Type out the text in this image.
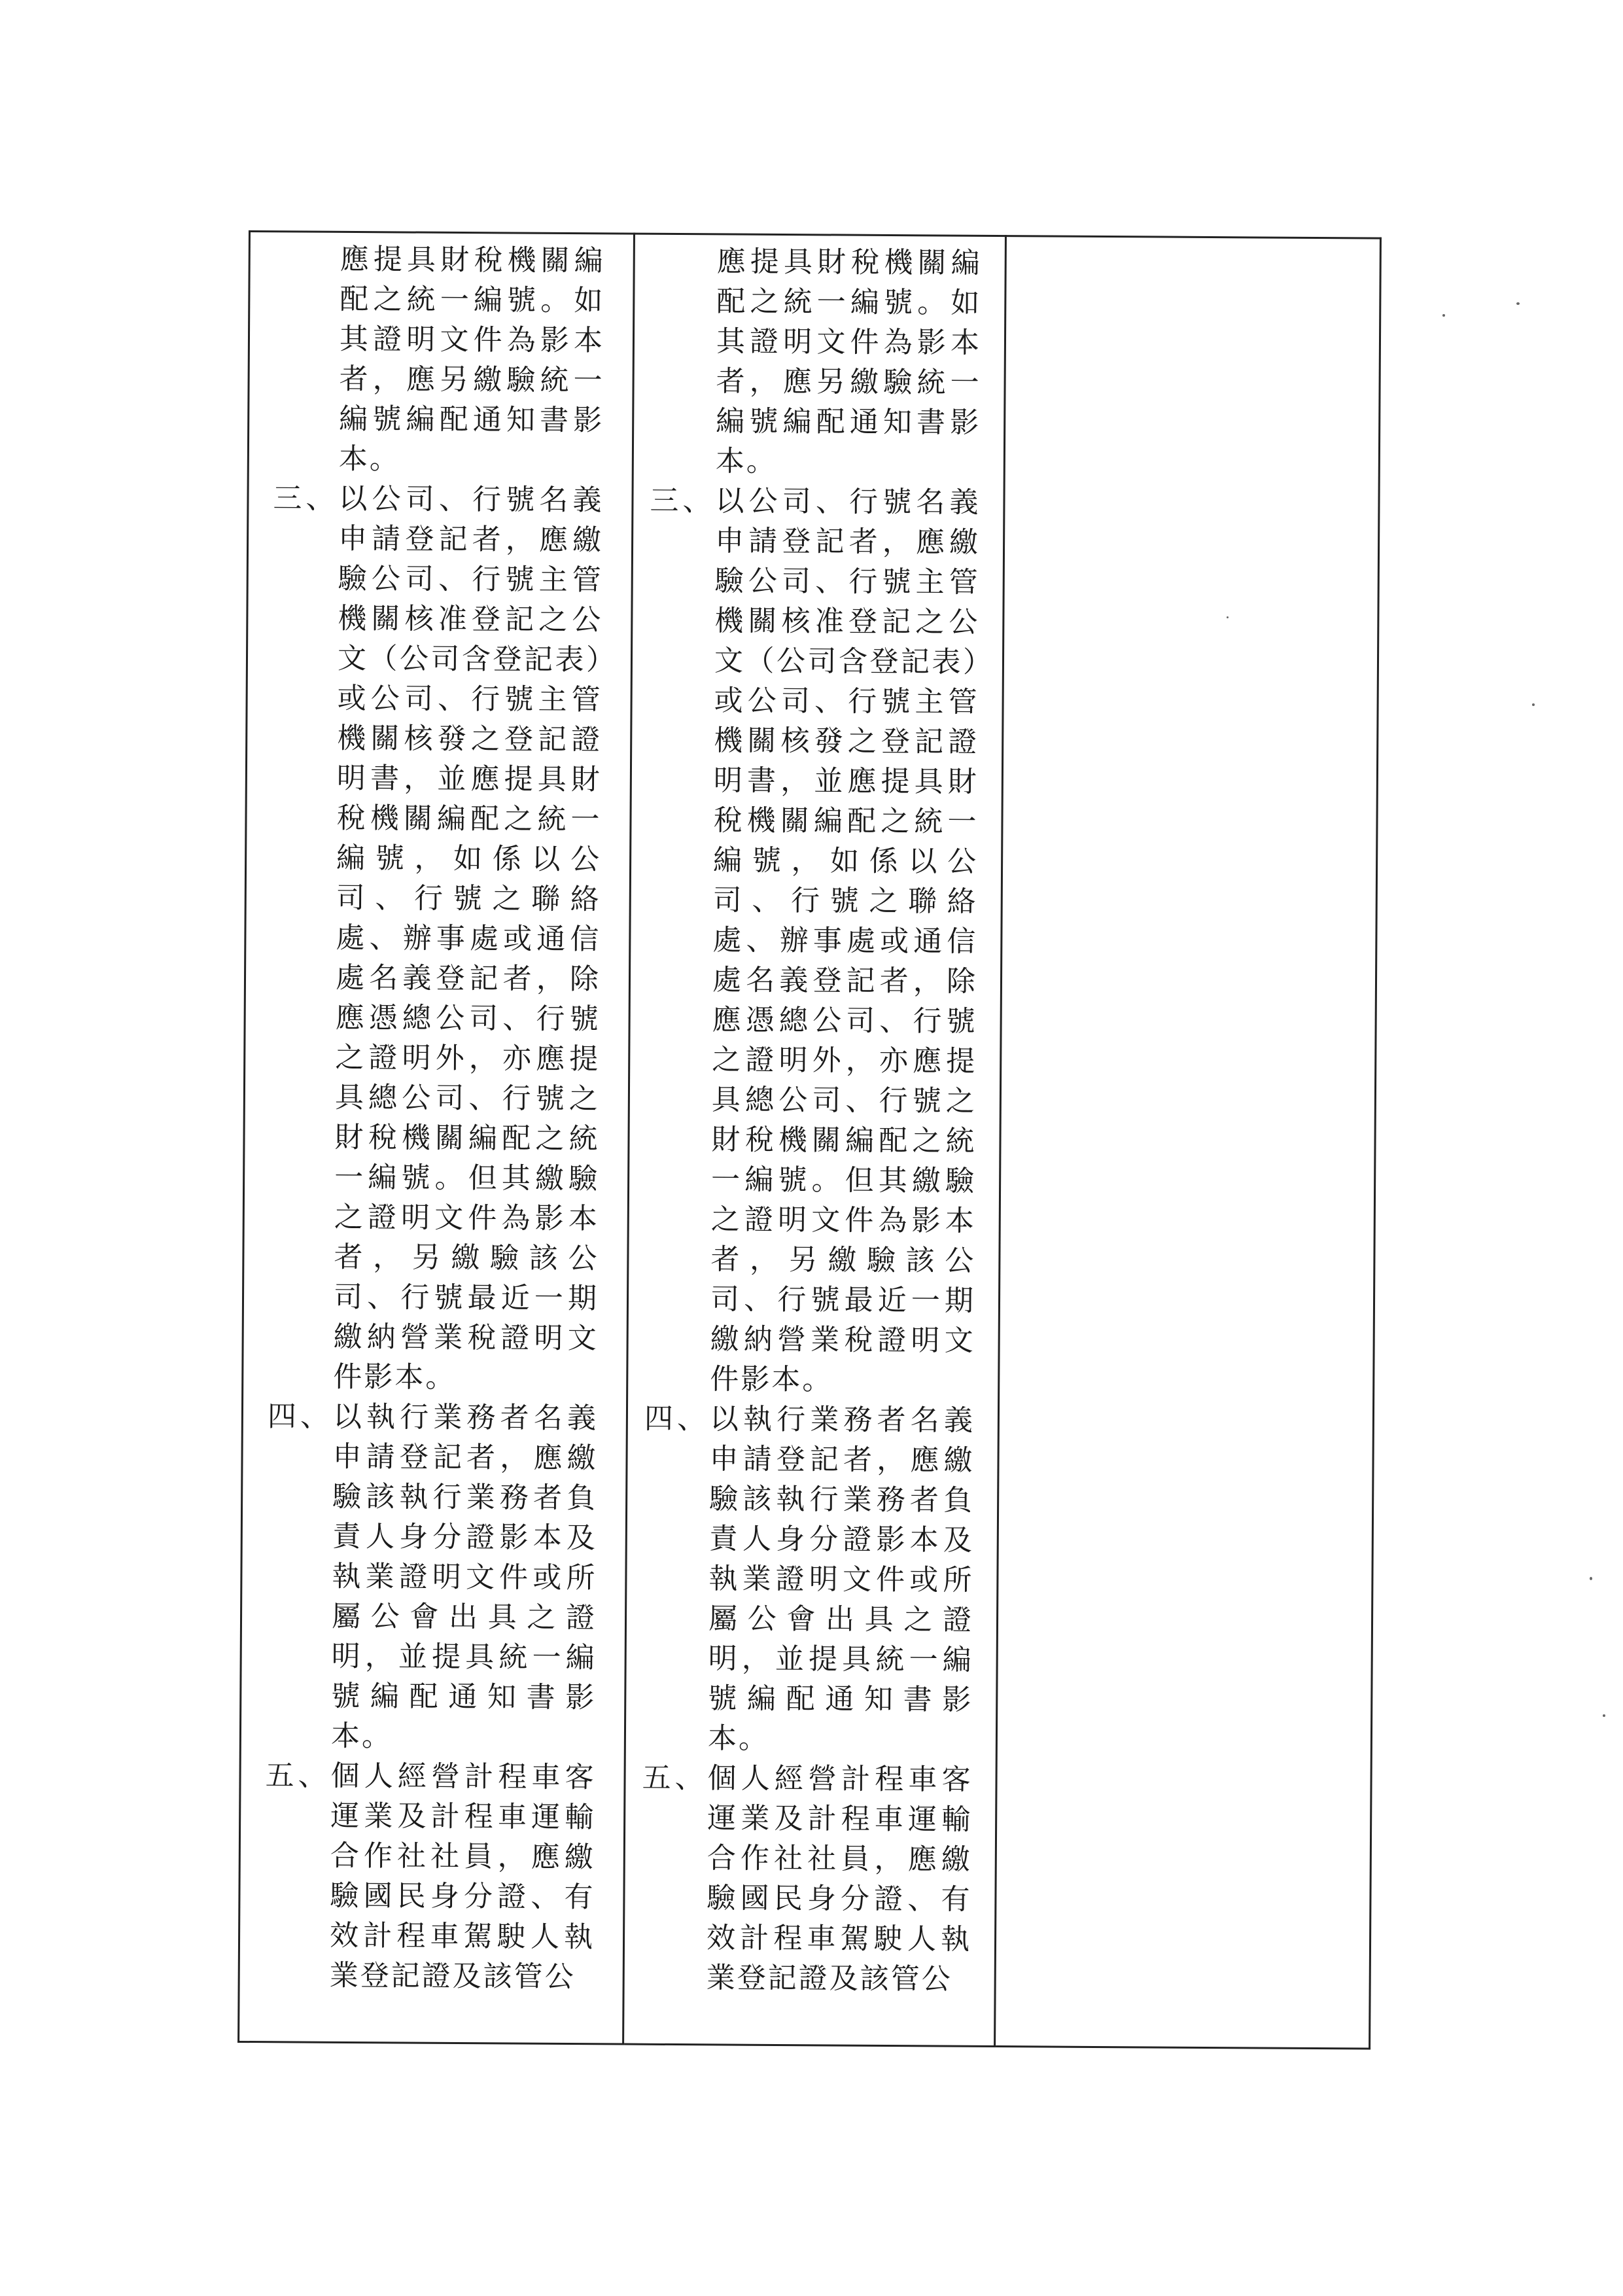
應提具財稅機關編配之統一編號。如其證明文件為影本者，應另繳驗統一編號編配通知書影本。
三、 以公司、行號名義申請登記者，應繳驗公司、行號主管機關核准登記之公文（公司含登記表）或公司、行號主管機關核發之登記證明書，並應提具財稅機關編配之統一編號，如係以公司、行號之聯絡處、辦事處或通信處名義登記者，除應憑總公司、行號之證明外，亦應提具總公司、行號之財稅機關編配之統一編號。但其繳驗之證明文件為影本者，另繳驗該公司、行號最近一期繳納營業稅證明文件影本。
四、 以執行業務者名義申請登記者，應繳驗該執行業務者負責人身分證影本及執業證明文件或所屬公會出具之證明，並提具統一編號編配通知書影本。
五、 個人經營計程車客運業及計程車運輸合作社社員，應繳驗國民身分證、有效計程車駕駛人執業登記證及該管公

應提具財稅機關編配之統一編號。如其證明文件為影本者，應另繳驗統一編號編配通知書影本。
三、 以公司、行號名義申請登記者，應繳驗公司、行號主管機關核准登記之公文（公司含登記表）或公司、行號主管機關核發之登記證明書，並應提具財稅機關編配之統一編號，如係以公司、行號之聯絡處、辦事處或通信處名義登記者，除應憑總公司、行號之證明外，亦應提具總公司、行號之財稅機關編配之統一編號。但其繳驗之證明文件為影本者，另繳驗該公司、行號最近一期繳納營業稅證明文件影本。
四、 以執行業務者名義申請登記者，應繳驗該執行業務者負責人身分證影本及執業證明文件或所屬公會出具之證明，並提具統一編號編配通知書影本。
五、 個人經營計程車客運業及計程車運輸合作社社員，應繳驗國民身分證、有效計程車駕駛人執業登記證及該管公
